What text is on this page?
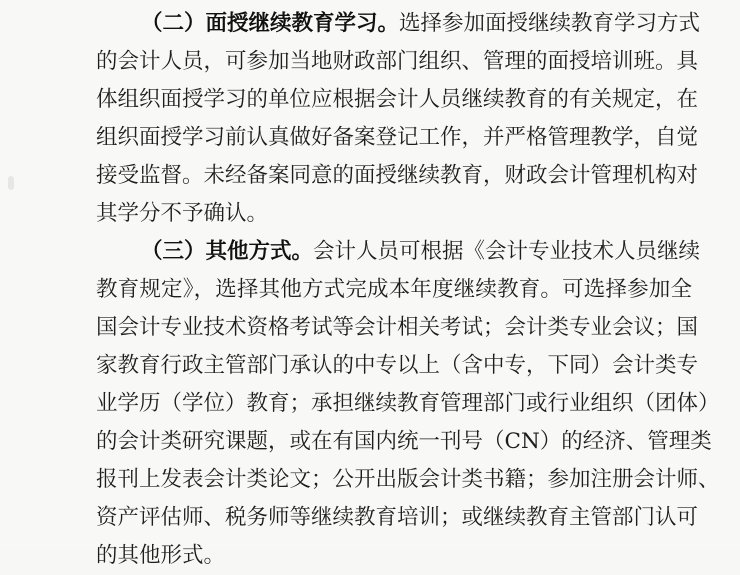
（二）面授继续教育学习。选择参加面授继续教育学习方式
的会计人员，可参加当地财政部门组织、管理的面授培训班。具
体组织面授学习的单位应根据会计人员继续教育的有关规定，在
组织面授学习前认真做好备案登记工作，并严格管理教学，自觉
接受监督。未经备案同意的面授继续教育，财政会计管理机构对
其学分不予确认。
（三）其他方式。会计人员可根据《会计专业技术人员继续
教育规定》，选择其他方式完成本年度继续教育。可选择参加全
国会计专业技术资格考试等会计相关考试；会计类专业会议；国
家教育行政主管部门承认的中专以上（含中专，下同）会计类专
业学历（学位）教育；承担继续教育管理部门或行业组织（团体）
的会计类研究课题，或在有国内统一刊号（CN）的经济、管理类
报刊上发表会计类论文；公开出版会计类书籍；参加注册会计师、
资产评估师、税务师等继续教育培训；或继续教育主管部门认可
的其他形式。
